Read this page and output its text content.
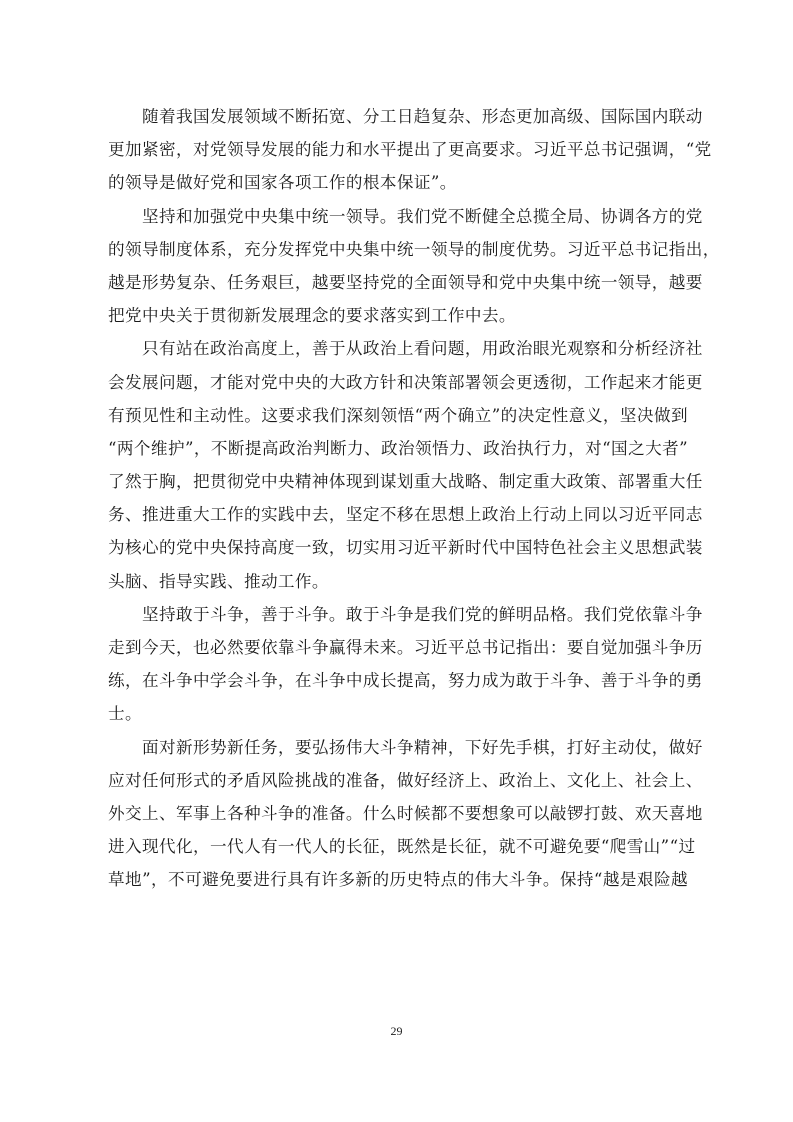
随着我国发展领域不断拓宽、分工日趋复杂、形态更加高级、国际国内联动
更加紧密，对党领导发展的能力和水平提出了更高要求。习近平总书记强调，“党
的领导是做好党和国家各项工作的根本保证”。
坚持和加强党中央集中统一领导。我们党不断健全总揽全局、协调各方的党
的领导制度体系，充分发挥党中央集中统一领导的制度优势。习近平总书记指出，
越是形势复杂、任务艰巨，越要坚持党的全面领导和党中央集中统一领导，越要
把党中央关于贯彻新发展理念的要求落实到工作中去。
只有站在政治高度上，善于从政治上看问题，用政治眼光观察和分析经济社
会发展问题，才能对党中央的大政方针和决策部署领会更透彻，工作起来才能更
有预见性和主动性。这要求我们深刻领悟“两个确立”的决定性意义，坚决做到
“两个维护”，不断提高政治判断力、政治领悟力、政治执行力，对“国之大者”
了然于胸，把贯彻党中央精神体现到谋划重大战略、制定重大政策、部署重大任
务、推进重大工作的实践中去，坚定不移在思想上政治上行动上同以习近平同志
为核心的党中央保持高度一致，切实用习近平新时代中国特色社会主义思想武装
头脑、指导实践、推动工作。
坚持敢于斗争，善于斗争。敢于斗争是我们党的鲜明品格。我们党依靠斗争
走到今天，也必然要依靠斗争赢得未来。习近平总书记指出：要自觉加强斗争历
练，在斗争中学会斗争，在斗争中成长提高，努力成为敢于斗争、善于斗争的勇
士。
面对新形势新任务，要弘扬伟大斗争精神，下好先手棋，打好主动仗，做好
应对任何形式的矛盾风险挑战的准备，做好经济上、政治上、文化上、社会上、
外交上、军事上各种斗争的准备。什么时候都不要想象可以敲锣打鼓、欢天喜地
进入现代化，一代人有一代人的长征，既然是长征，就不可避免要“爬雪山”“过
草地”，不可避免要进行具有许多新的历史特点的伟大斗争。保持“越是艰险越
29
